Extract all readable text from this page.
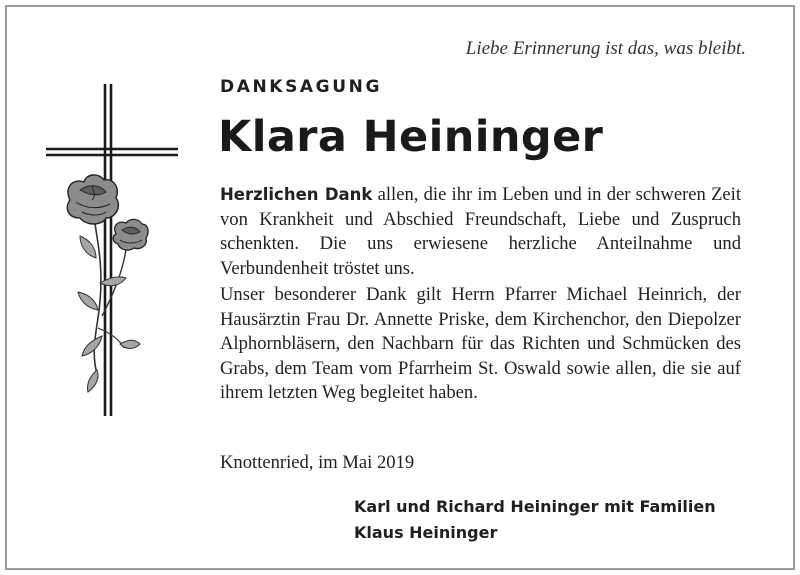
Liebe Erinnerung ist das, was bleibt.
DANKSAGUNG
Klara Heininger

Herzlichen Dank allen, die ihr im Leben und in der schweren Zeit von Krankheit und Abschied Freundschaft, Liebe und Zuspruch schenkten. Die uns erwiesene herzliche Anteilnahme und Verbundenheit tröstet uns.

Unser besonderer Dank gilt Herrn Pfarrer Michael Heinrich, der Hausärztin Frau Dr. Annette Priske, dem Kirchenchor, den Diepolzer Alphornbläsern, den Nachbarn für das Richten und Schmücken des Grabs, dem Team vom Pfarrheim St. Oswald sowie allen, die sie auf ihrem letzten Weg begleitet haben.

Knottenried, im Mai 2019
Karl und Richard Heininger mit Familien
Klaus Heininger
